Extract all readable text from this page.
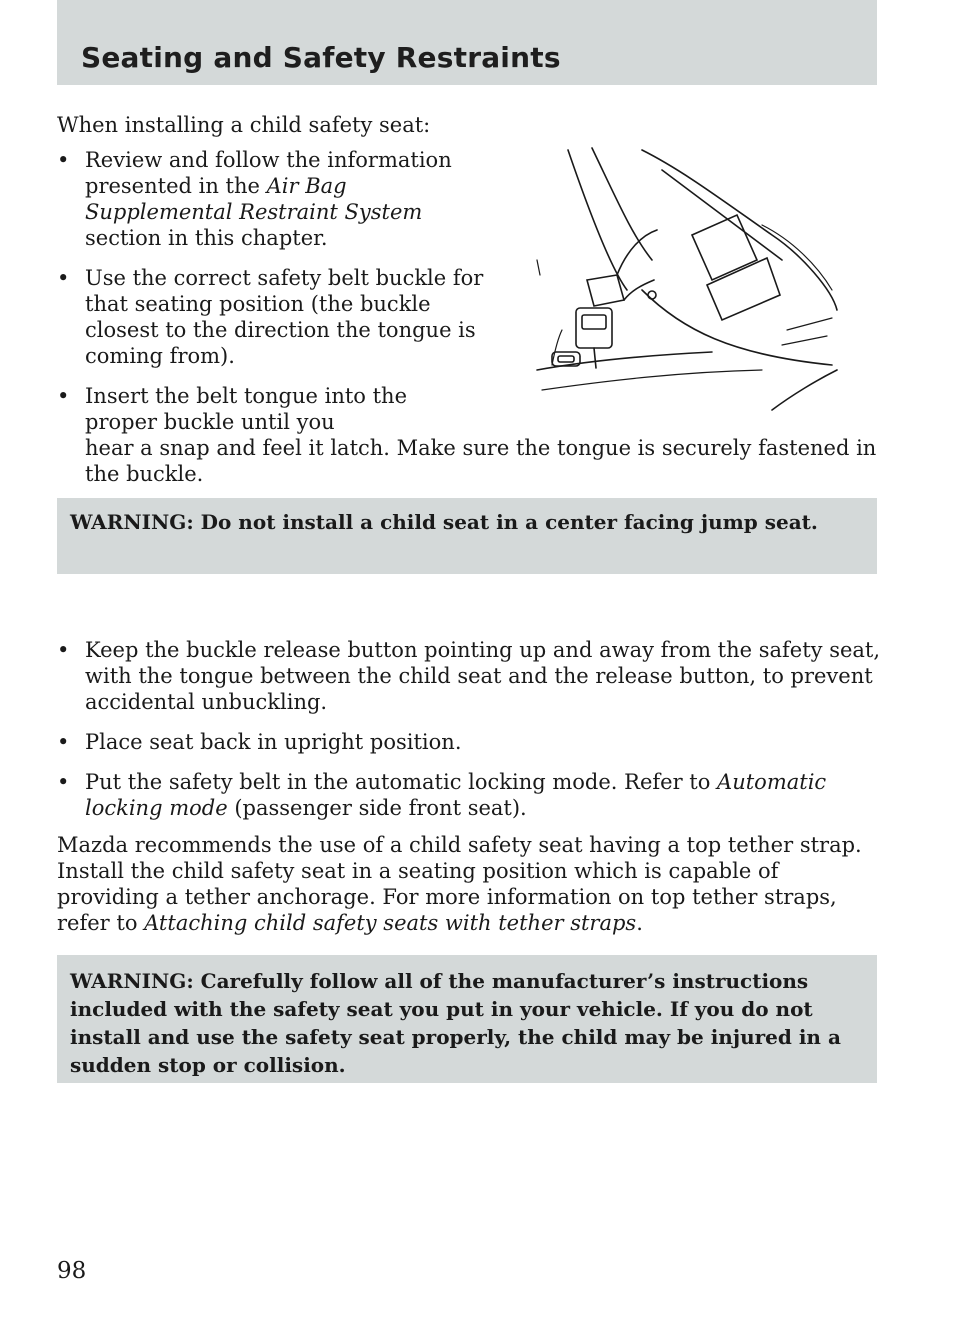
Seating and Safety Restraints
When installing a child safety seat:
• Review and follow the information presented in the Air Bag Supplemental Restraint System section in this chapter.
• Use the correct safety belt buckle for that seating position (the buckle closest to the direction the tongue is coming from).
• Insert the belt tongue into the proper buckle until you
hear a snap and feel it latch. Make sure the tongue is securely fastened in the buckle.
WARNING: Do not install a child seat in a center facing jump seat.
• Keep the buckle release button pointing up and away from the safety seat, with the tongue between the child seat and the release button, to prevent accidental unbuckling.
• Place seat back in upright position.
• Put the safety belt in the automatic locking mode. Refer to Automatic locking mode (passenger side front seat).

Mazda recommends the use of a child safety seat having a top tether strap. Install the child safety seat in a seating position which is capable of providing a tether anchorage. For more information on top tether straps, refer to Attaching child safety seats with tether straps.

WARNING: Carefully follow all of the manufacturer’s instructions included with the safety seat you put in your vehicle. If you do not install and use the safety seat properly, the child may be injured in a sudden stop or collision.
98
